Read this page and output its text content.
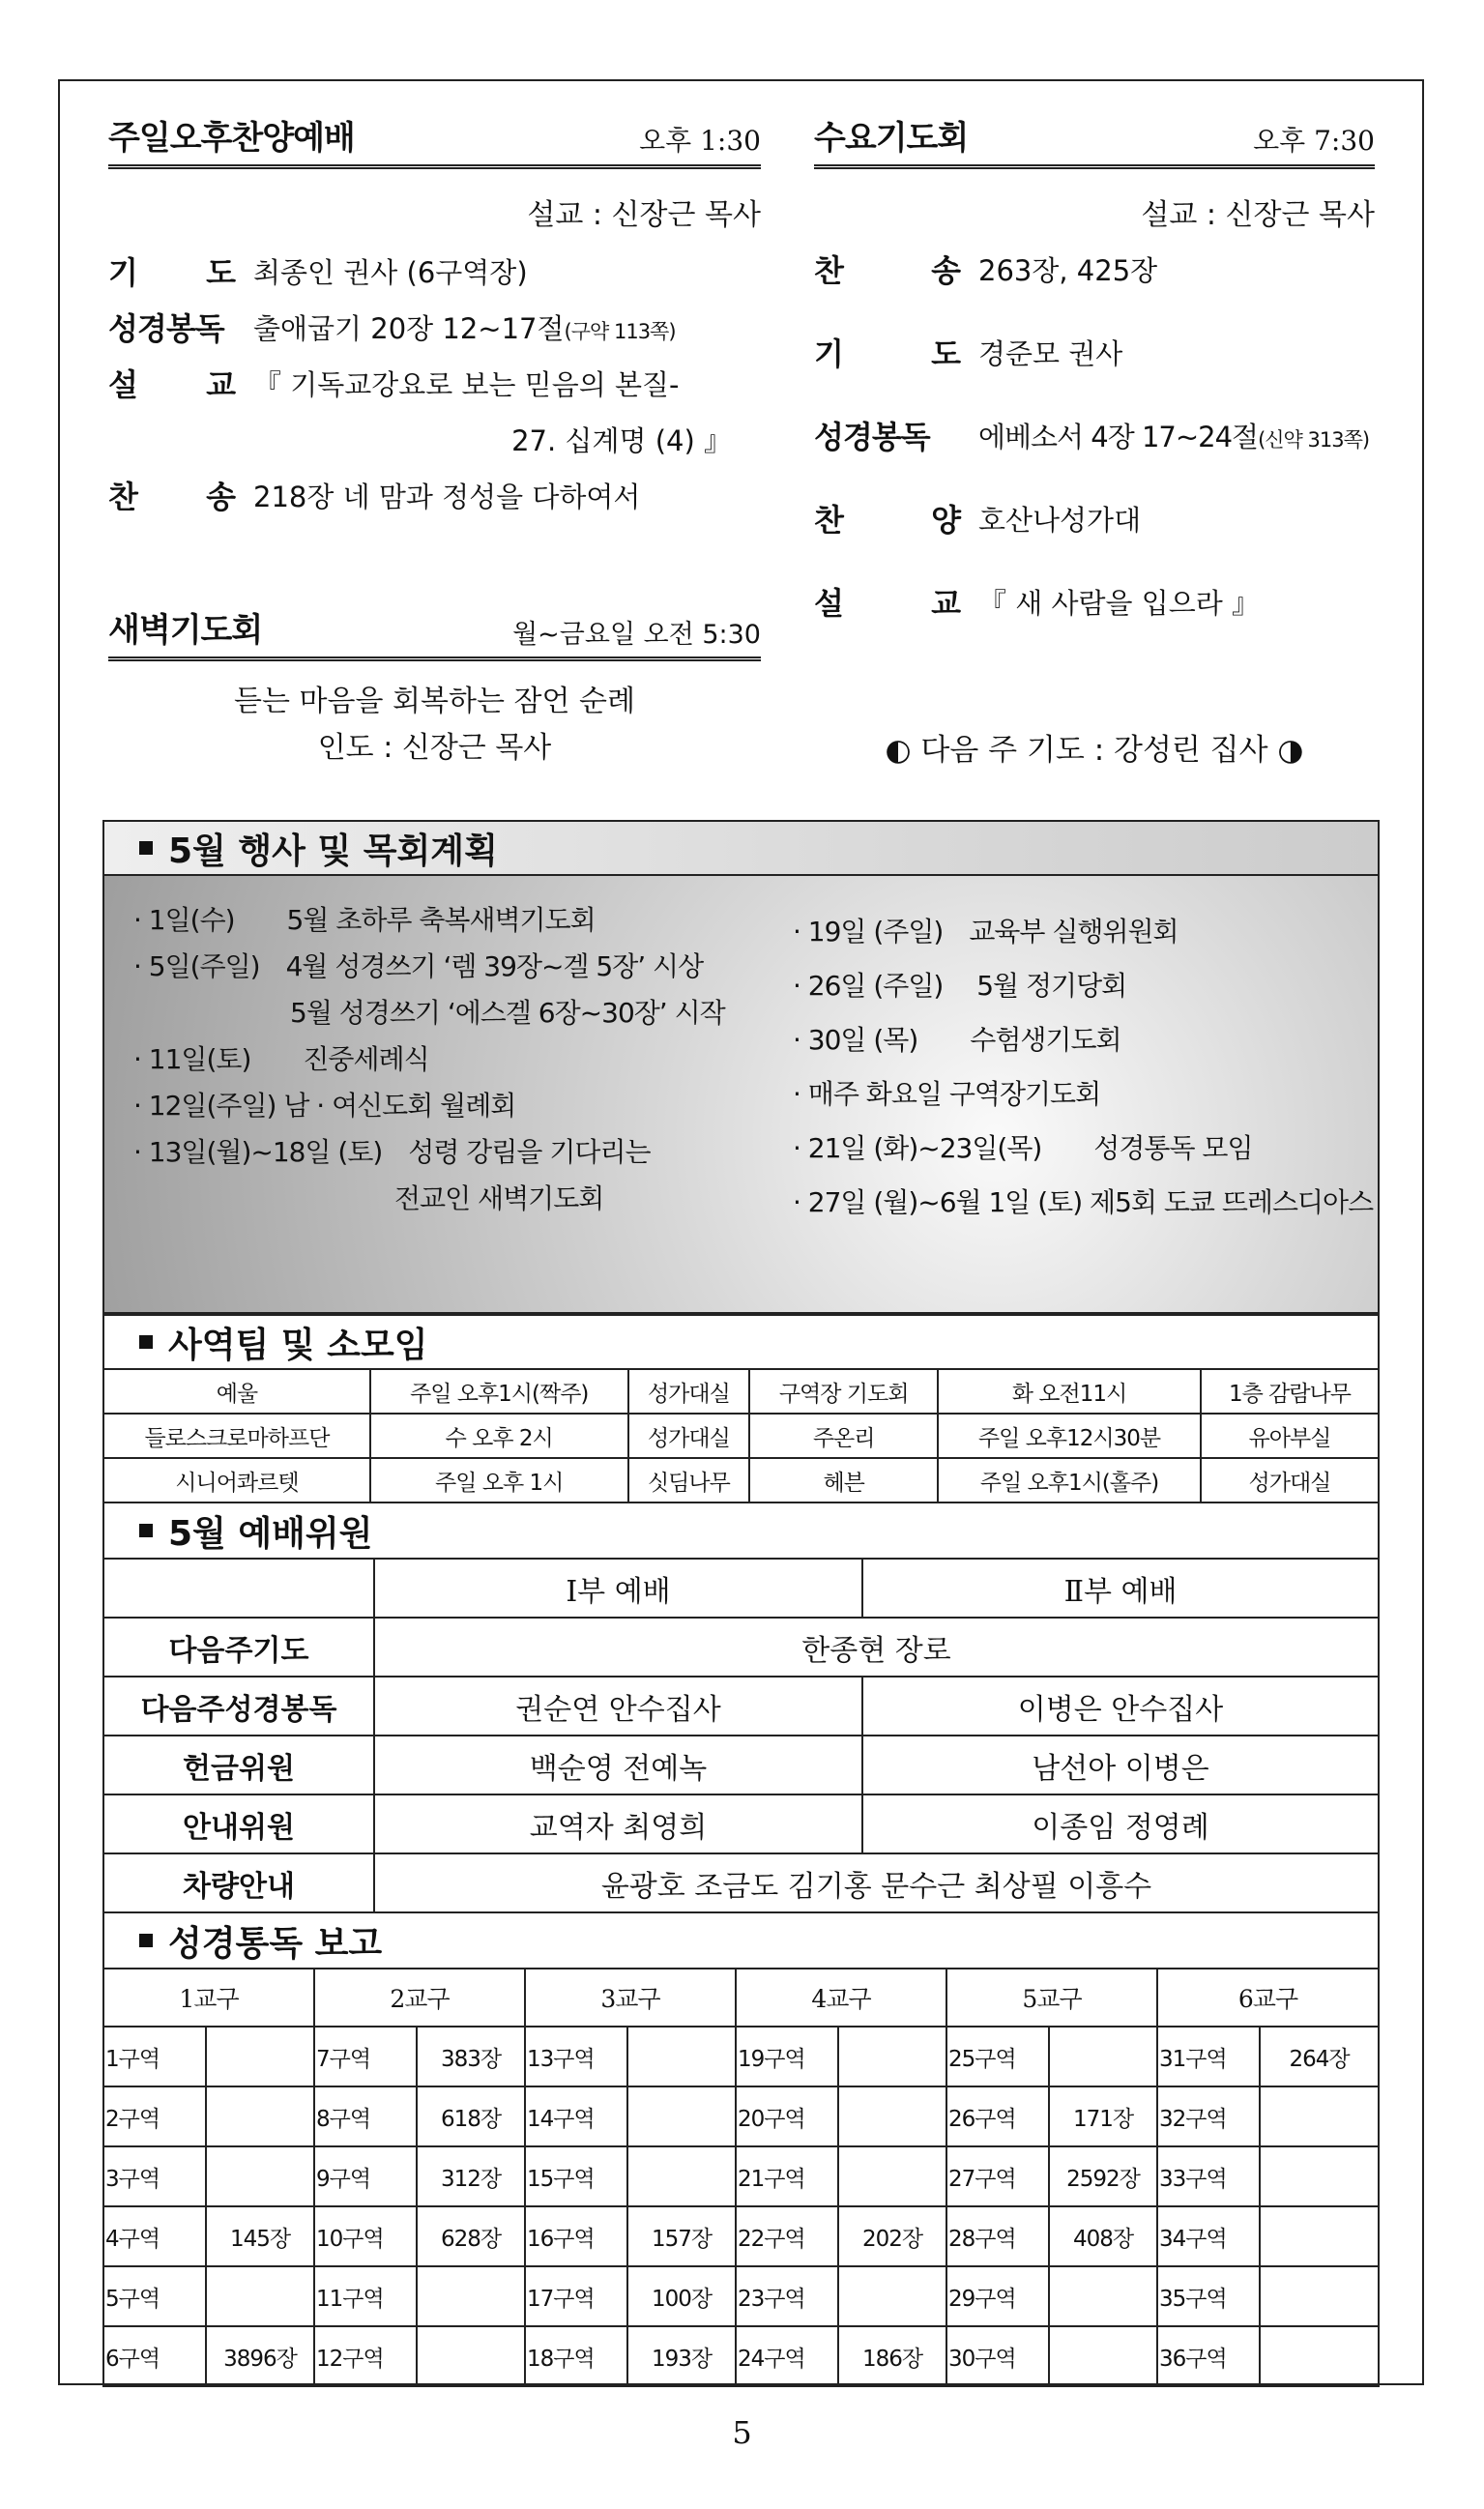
주일오후찬양예배	오후 1:30
설교 : 신장근 목사
기 도 최종인 권사 (6구역장)
성경봉독 출애굽기 20장 12~17절(구약 113쪽)
설 교 『 기독교강요로 보는 믿음의 본질-
27. 십계명 (4) 』
찬 송 218장 네 맘과 정성을 다하여서
새벽기도회	월~금요일 오전 5:30
듣는 마음을 회복하는 잠언 순례
인도 : 신장근 목사
수요기도회	오후 7:30
설교 : 신장근 목사
찬	송 263장, 425장
기	도 경준모 권사
성경봉독 에베소서 4장 17~24절(신약 313쪽)
찬	양 호산나성가대
설	교 『 새 사람을 입으라 』
◐ 다음 주 기도 : 강성린 집사 ◑
5월 행사 및 목회계획
· 1일(수)　　5월 초하루 축복새벽기도회
· 5일(주일)　4월 성경쓰기 ‘렘 39장~겔 5장’ 시상
　　　　　　5월 성경쓰기 ‘에스겔 6장~30장’ 시작
· 11일(토)　　진중세례식
· 12일(주일) 남 · 여신도회 월례회
· 13일(월)~18일 (토)　성령 강림을 기다리는
　　　　　　　　　　전교인 새벽기도회
· 19일 (주일)　교육부 실행위원회
· 26일 (주일)　 5월 정기당회
· 30일 (목)　　수험생기도회
· 매주 화요일 구역장기도회
· 21일 (화)~23일(목)　　성경통독 모임
· 27일 (월)~6월 1일 (토) 제5회 도쿄 뜨레스디아스
사역팀 및 소모임
예울	주일 오후1시(짝주)	성가대실	구역장 기도회	화 오전11시	1층 감람나무
들로스크로마하프단	수 오후 2시	성가대실	주온리	주일 오후12시30분	유아부실
시니어콰르텟	주일 오후 1시	싯딤나무	헤븐	주일 오후1시(홀주)	성가대실
5월 예배위원
	Ⅰ부 예배	Ⅱ부 예배
다음주기도	한종현 장로	
다음주성경봉독	권순연 안수집사	이병은 안수집사
헌금위원	백순영 전예녹	남선아 이병은
안내위원	교역자 최영희	이종임 정영례
차량안내	윤광호 조금도 김기홍 문수근 최상필 이흥수	
성경통독 보고
1교구		2교구		3교구		4교구		5교구		6교구	
1구역		7구역	383장	13구역		19구역		25구역		31구역	264장
2구역		8구역	618장	14구역		20구역		26구역	171장	32구역	
3구역		9구역	312장	15구역		21구역		27구역	2592장	33구역	
4구역	145장	10구역	628장	16구역	157장	22구역	202장	28구역	408장	34구역	
5구역		11구역		17구역	100장	23구역		29구역		35구역	
6구역	3896장	12구역		18구역	193장	24구역	186장	30구역		36구역	
5
